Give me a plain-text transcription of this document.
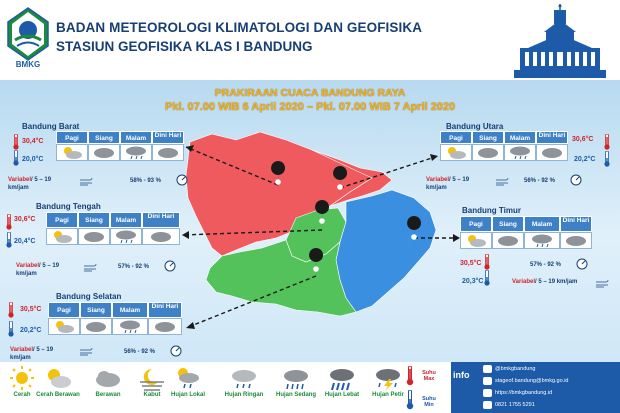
BMKG
BADAN METEOROLOGI KLIMATOLOGI DAN GEOFISIKA
STASIUN GEOFISIKA KLAS I BANDUNG
PRAKIRAAN CUACA BANDUNG RAYA
Pkl. 07.00 WIB 6 April 2020 – Pkl. 07.00 WIB 7 April 2020
Bandung Barat
30,4°C
20,0°C
Pagi	Siang	Malam	Dini Hari
Variabel/ 5 – 19
km/jam
58% - 93 %
Bandung Utara
Pagi	Siang	Malam	Dini Hari
30,6°C
20,2°C
Variabel/ 5 – 19
km/jam
56% - 92 %
Bandung Tengah
30,6°C
20,4°C
Pagi	Siang	Malam
Dini Hari
Variabel/ 5 – 19
km/jam
57% - 92 %
Bandung Timur
Pagi	Siang	Malam
Dini Hari
30,5°C
20,3°C
57% - 92 %
Variabel/ 5 – 19 km/jam
Bandung Selatan
30,5°C
20,2°C
Pagi	Siang	Malam
Dini Hari
Variabel/ 5 – 19
km/jam
56% - 92 %
Cerah Cerah Berawan	Berawan	Kabut	Hujan Lokal	Hujan Ringan	Hujan Sedang	Hujan Lebat	Hujan Petir
Suhu Max
Suhu Min
info
@bmkgbandung
stageof.bandung@bmkg.go.id
https://bmkgbandung.id
0821 1755 5291
